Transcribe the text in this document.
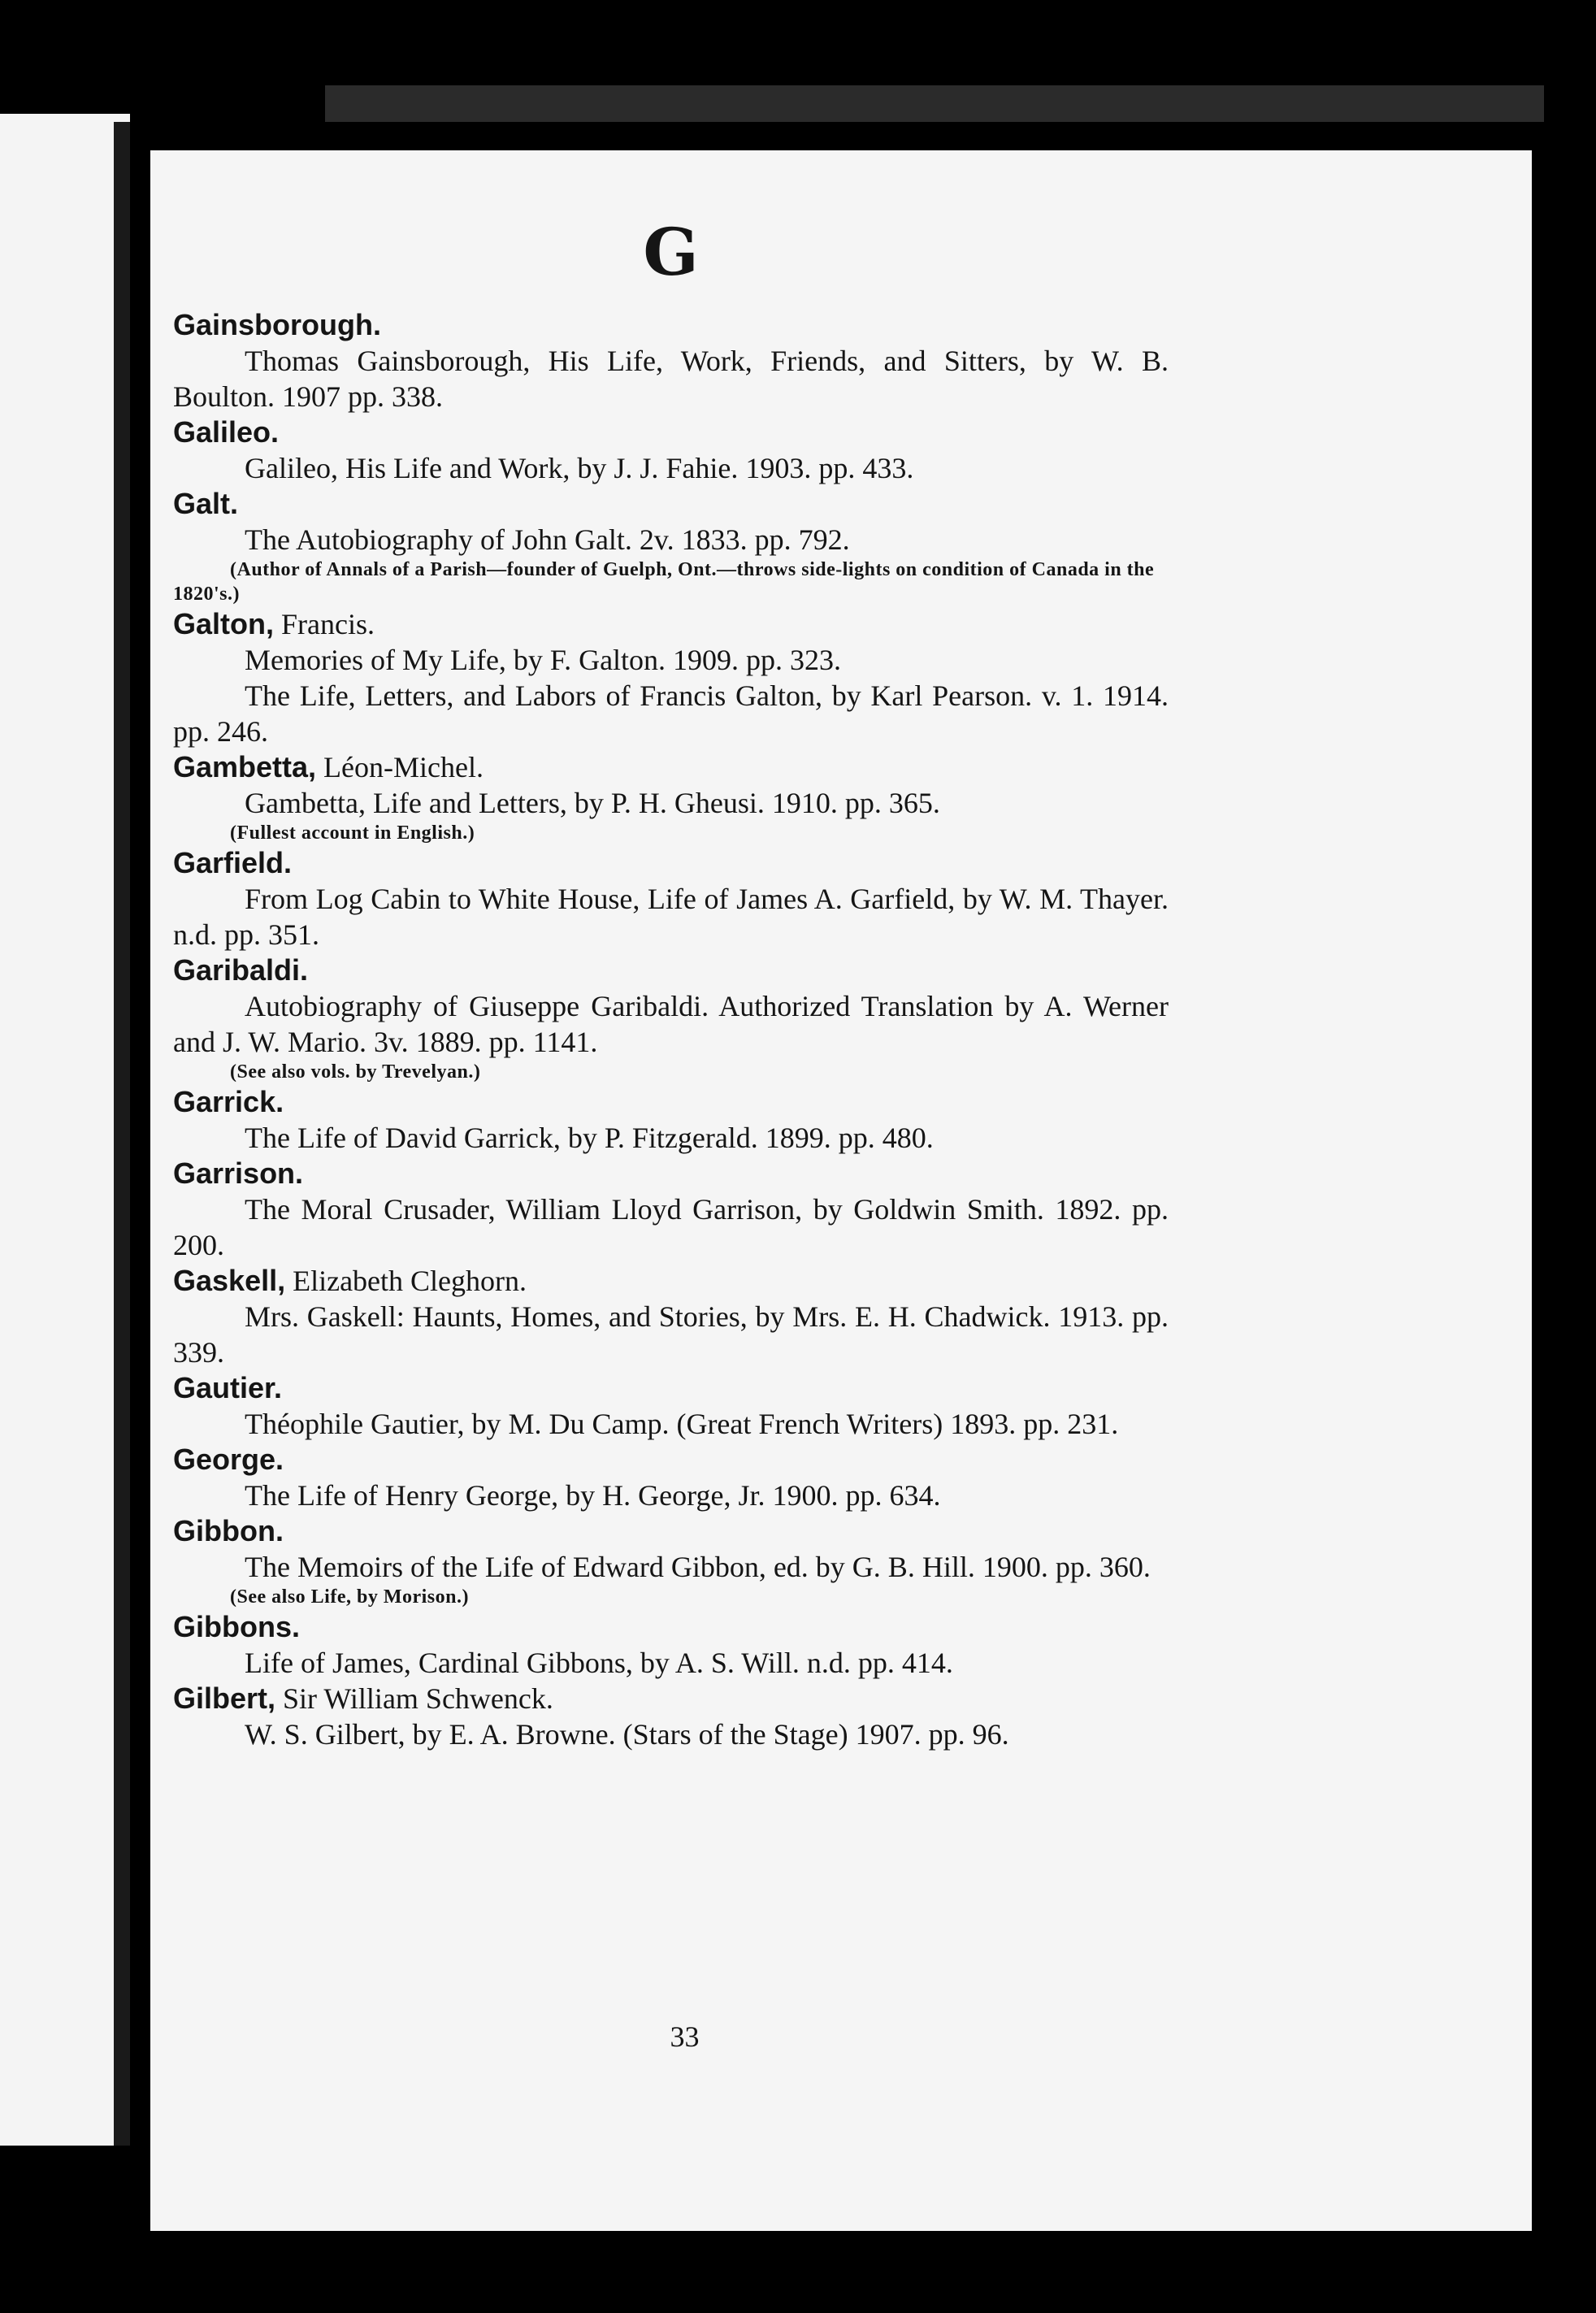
G

Gainsborough.

Thomas Gainsborough, His Life, Work, Friends, and Sitters, by W. B. Boulton. 1907 pp. 338.

Galileo.

Galileo, His Life and Work, by J. J. Fahie. 1903. pp. 433.

Galt.

The Autobiography of John Galt. 2v. 1833. pp. 792.

(Author of Annals of a Parish—founder of Guelph, Ont.—throws side-lights on condition of Canada in the 1820's.)

Galton, Francis.

Memories of My Life, by F. Galton. 1909. pp. 323.

The Life, Letters, and Labors of Francis Galton, by Karl Pearson. v. 1. 1914. pp. 246.

Gambetta, Léon-Michel.

Gambetta, Life and Letters, by P. H. Gheusi. 1910. pp. 365.

(Fullest account in English.)

Garfield.

From Log Cabin to White House, Life of James A. Garfield, by W. M. Thayer. n.d. pp. 351.

Garibaldi.

Autobiography of Giuseppe Garibaldi. Authorized Translation by A. Werner and J. W. Mario. 3v. 1889. pp. 1141.

(See also vols. by Trevelyan.)

Garrick.

The Life of David Garrick, by P. Fitzgerald. 1899. pp. 480.

Garrison.

The Moral Crusader, William Lloyd Garrison, by Goldwin Smith. 1892. pp. 200.

Gaskell, Elizabeth Cleghorn.

Mrs. Gaskell: Haunts, Homes, and Stories, by Mrs. E. H. Chadwick. 1913. pp. 339.

Gautier.

Théophile Gautier, by M. Du Camp. (Great French Writers) 1893. pp. 231.

George.

The Life of Henry George, by H. George, Jr. 1900. pp. 634.

Gibbon.

The Memoirs of the Life of Edward Gibbon, ed. by G. B. Hill. 1900. pp. 360.

(See also Life, by Morison.)

Gibbons.

Life of James, Cardinal Gibbons, by A. S. Will. n.d. pp. 414.

Gilbert, Sir William Schwenck.

W. S. Gilbert, by E. A. Browne. (Stars of the Stage) 1907. pp. 96.

33
